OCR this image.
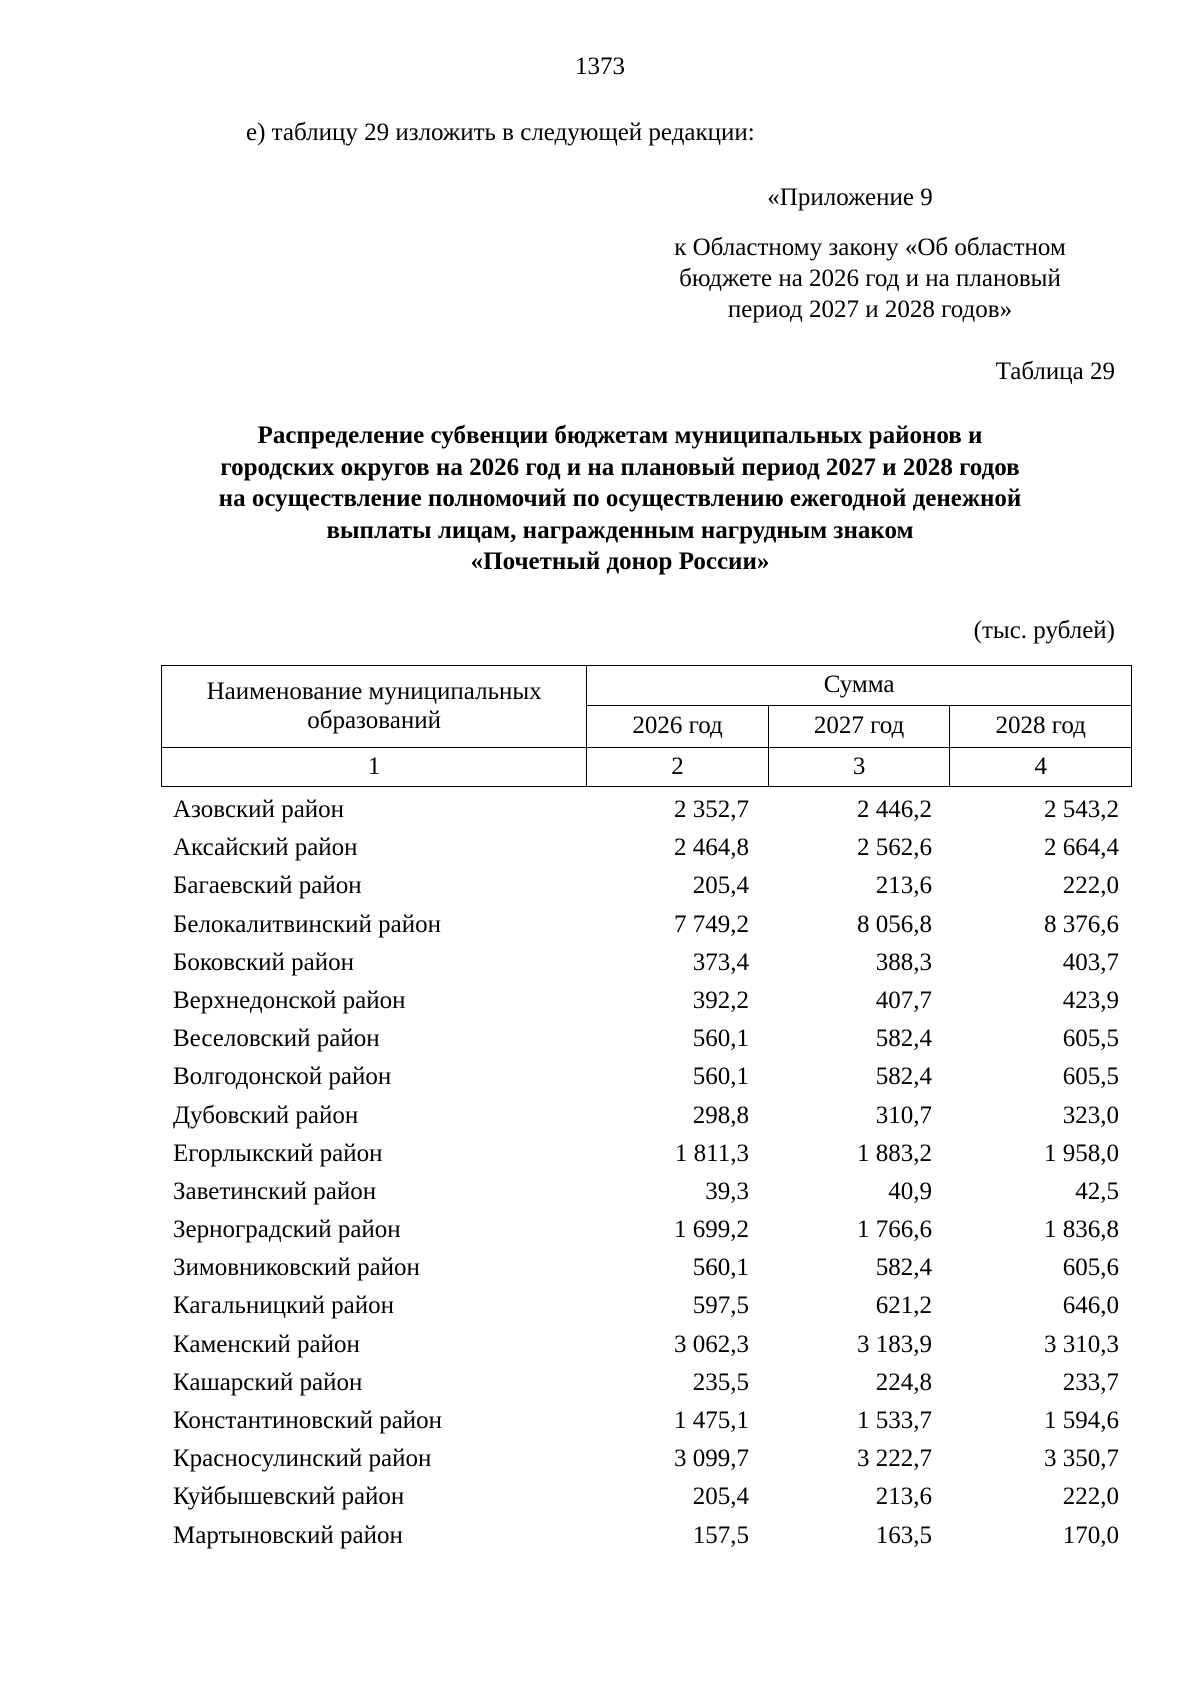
1373
е) таблицу 29 изложить в следующей редакции:
«Приложение 9
к Областному закону «Об областном
бюджете на 2026 год и на плановый
период 2027 и 2028 годов»
Таблица 29
Распределение субвенции бюджетам муниципальных районов и
городских округов на 2026 год и на плановый период 2027 и 2028 годов
на осуществление полномочий по осуществлению ежегодной денежной
выплаты лицам, награжденным нагрудным знаком
«Почетный донор России»
(тыс. рублей)
Наименование муниципальных образований	Сумма		
	2026 год	2027 год	2028 год
1	2	3	4
Азовский район	2 352,7	2 446,2	2 543,2
Аксайский район	2 464,8	2 562,6	2 664,4
Багаевский район	205,4	213,6	222,0
Белокалитвинский район	7 749,2	8 056,8	8 376,6
Боковский район	373,4	388,3	403,7
Верхнедонской район	392,2	407,7	423,9
Веселовский район	560,1	582,4	605,5
Волгодонской район	560,1	582,4	605,5
Дубовский район	298,8	310,7	323,0
Егорлыкский район	1 811,3	1 883,2	1 958,0
Заветинский район	39,3	40,9	42,5
Зерноградский район	1 699,2	1 766,6	1 836,8
Зимовниковский район	560,1	582,4	605,6
Кагальницкий район	597,5	621,2	646,0
Каменский район	3 062,3	3 183,9	3 310,3
Кашарский район	235,5	224,8	233,7
Константиновский район	1 475,1	1 533,7	1 594,6
Красносулинский район	3 099,7	3 222,7	3 350,7
Куйбышевский район	205,4	213,6	222,0
Мартыновский район	157,5	163,5	170,0
